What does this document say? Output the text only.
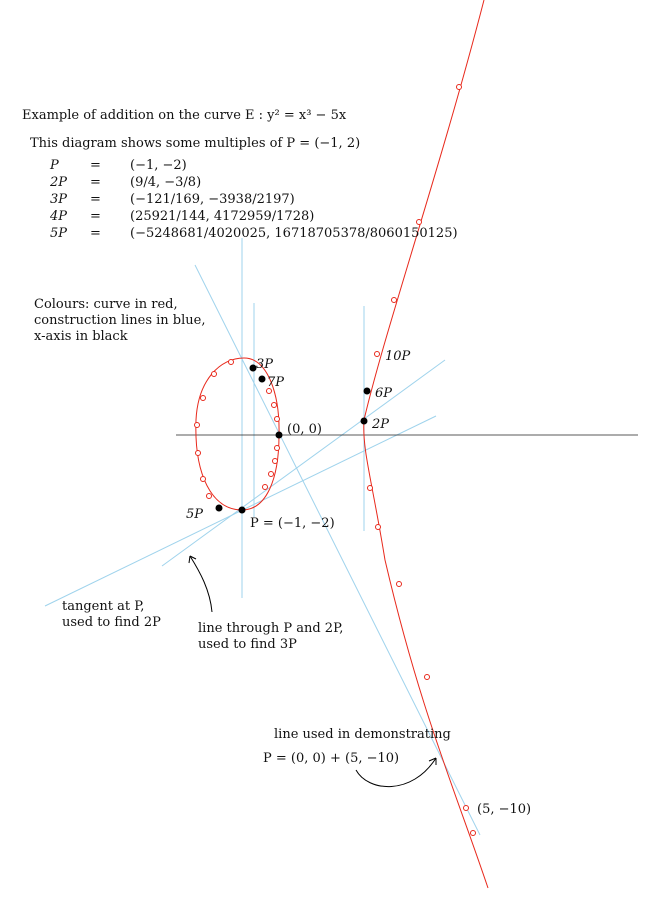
3P
7P
(0, 0)
10P
6P
2P
5P
P = (−1, −2)
(5, −10)
tangent at P,
used to find 2P	line through P and 2P,
used to find 3P
line used in demonstrating
P = (0, 0) + (5, −10)
Example of addition on the curve E : y² = x³ − 5x
This diagram shows some multiples of P = (−1, 2)
P	=	(−1, −2)
2P	=	(9/4, −3/8)
3P	=	(−121/169, −3938/2197)
4P	=	(25921/144, 4172959/1728)
5P	=	(−5248681/4020025, 16718705378/8060150125)
Colours: curve in red,
construction lines in blue,
x-axis in black
